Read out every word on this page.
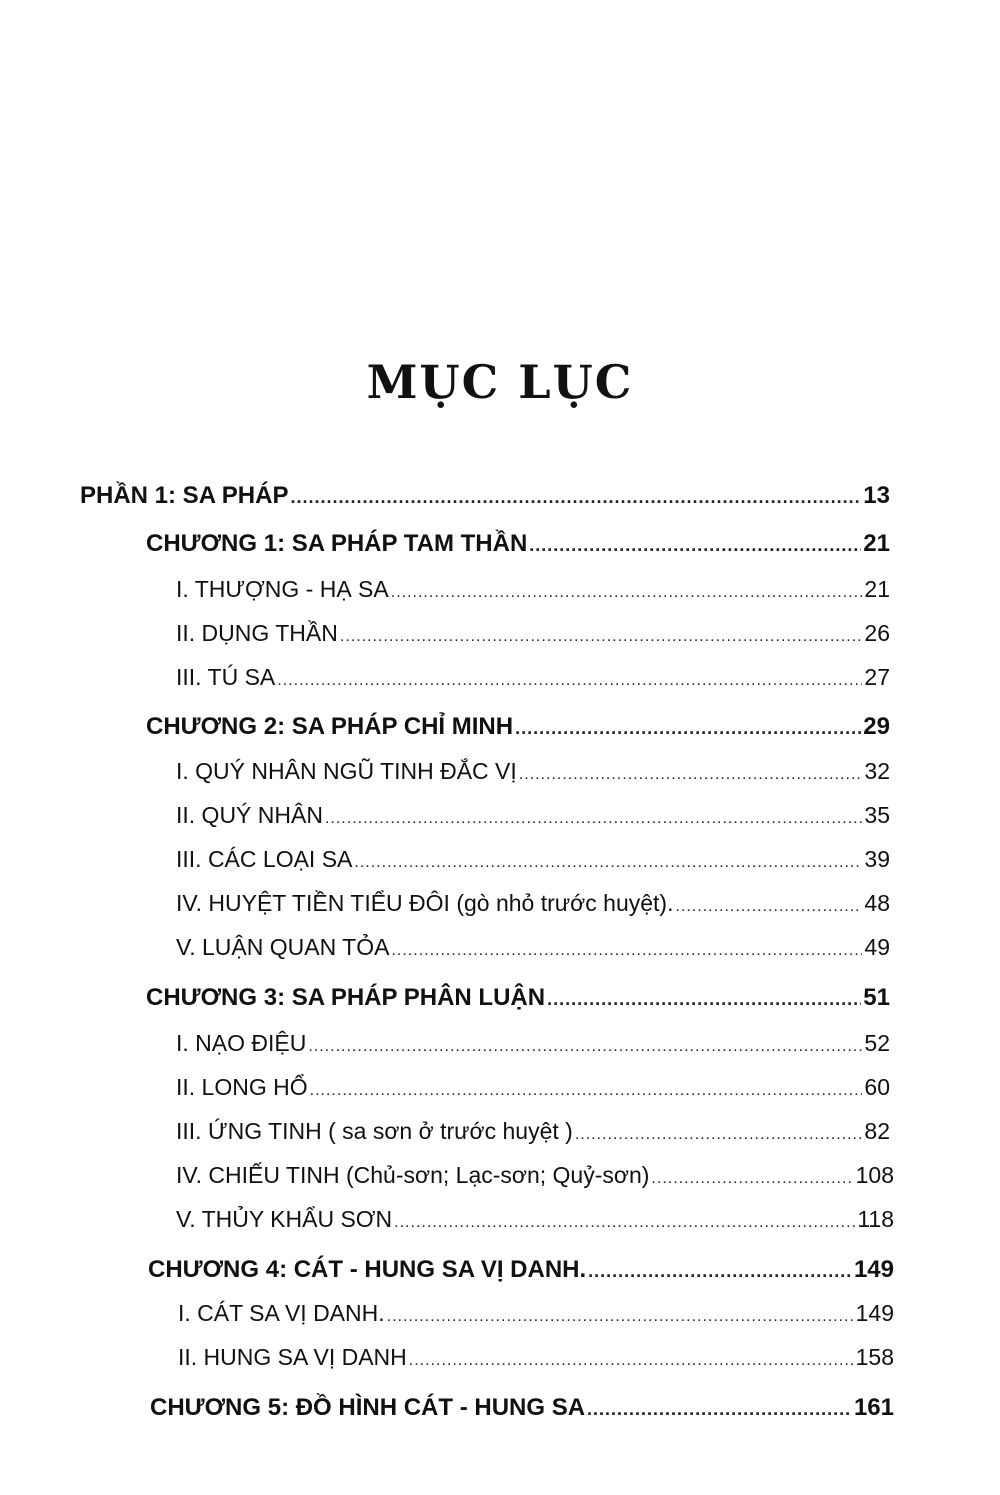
MỤC LỤC
PHẦN 1: SA PHÁP .....	13
CHƯƠNG 1: SA PHÁP TAM THẦN .....	21
I. THƯỢNG - HẠ SA .....	21
II. DỤNG THẦN .....	26
III. TÚ SA .....	27
CHƯƠNG 2: SA PHÁP CHỈ MINH .....	29
I. QUÝ NHÂN NGŨ TINH ĐẮC VỊ .....	32
II. QUÝ NHÂN .....	35
III. CÁC LOẠI SA .....	39
IV. HUYỆT TIỀN TIỂU ĐÔI (gò nhỏ trước huyệt). .....	48
V. LUẬN QUAN TỎA .....	49
CHƯƠNG 3: SA PHÁP PHÂN LUẬN .....	51
I. NẠO ĐIỆU .....	52
II. LONG HỔ .....	60
III. ỨNG TINH ( sa sơn ở trước huyệt ) .....	82
IV. CHIẾU TINH (Chủ-sơn; Lạc-sơn; Quỷ-sơn) .....	108
V. THỦY KHẨU SƠN .....	118
CHƯƠNG 4: CÁT - HUNG SA VỊ DANH. .....	149
I. CÁT SA VỊ DANH. .....	149
II. HUNG SA VỊ DANH .....	158
CHƯƠNG 5: ĐỒ HÌNH CÁT - HUNG SA .....	161
